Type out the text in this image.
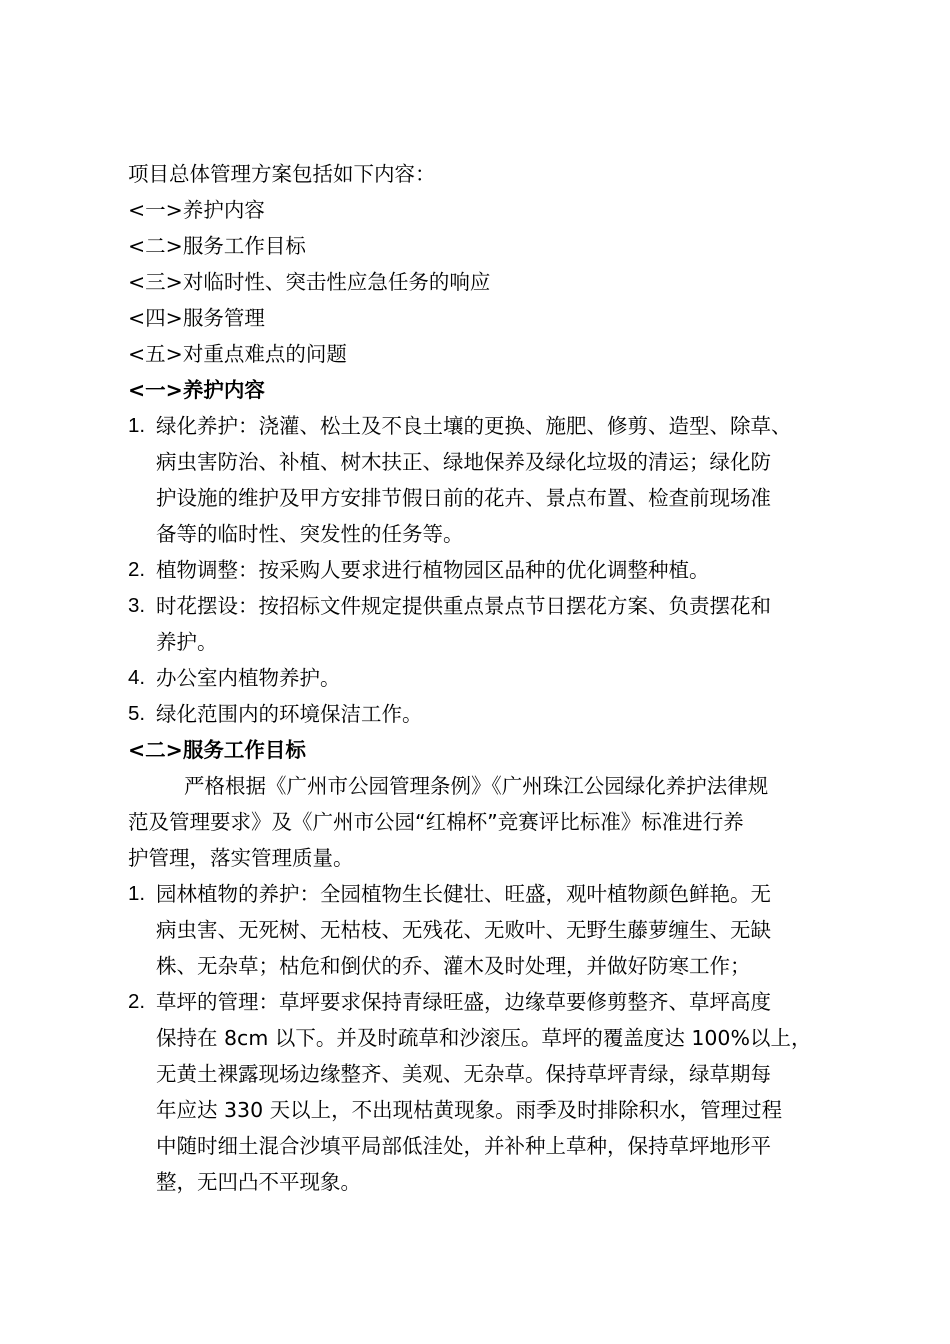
项目总体管理方案包括如下内容：
<一>养护内容
<二>服务工作目标
<三>对临时性、突击性应急任务的响应
<四>服务管理
<五>对重点难点的问题
<一>养护内容
1. 绿化养护：浇灌、松土及不良土壤的更换、施肥、修剪、造型、除草、
病虫害防治、补植、树木扶正、绿地保养及绿化垃圾的清运；绿化防
护设施的维护及甲方安排节假日前的花卉、景点布置、检查前现场准
备等的临时性、突发性的任务等。
2. 植物调整：按采购人要求进行植物园区品种的优化调整种植。
3. 时花摆设：按招标文件规定提供重点景点节日摆花方案、负责摆花和
养护。
4. 办公室内植物养护。
5. 绿化范围内的环境保洁工作。
<二>服务工作目标
严格根据《广州市公园管理条例》《广州珠江公园绿化养护法律规
范及管理要求》及《广州市公园“红棉杯”竞赛评比标准》标准进行养
护管理，落实管理质量。
1. 园林植物的养护：全园植物生长健壮、旺盛，观叶植物颜色鲜艳。无
病虫害、无死树、无枯枝、无残花、无败叶、无野生藤萝缠生、无缺
株、无杂草；枯危和倒伏的乔、灌木及时处理，并做好防寒工作；
2. 草坪的管理：草坪要求保持青绿旺盛，边缘草要修剪整齐、草坪高度
保持在 8cm 以下。并及时疏草和沙滚压。草坪的覆盖度达 100%以上，
无黄土裸露现场边缘整齐、美观、无杂草。保持草坪青绿，绿草期每
年应达 330 天以上，不出现枯黄现象。雨季及时排除积水，管理过程
中随时细土混合沙填平局部低洼处，并补种上草种，保持草坪地形平
整，无凹凸不平现象。
